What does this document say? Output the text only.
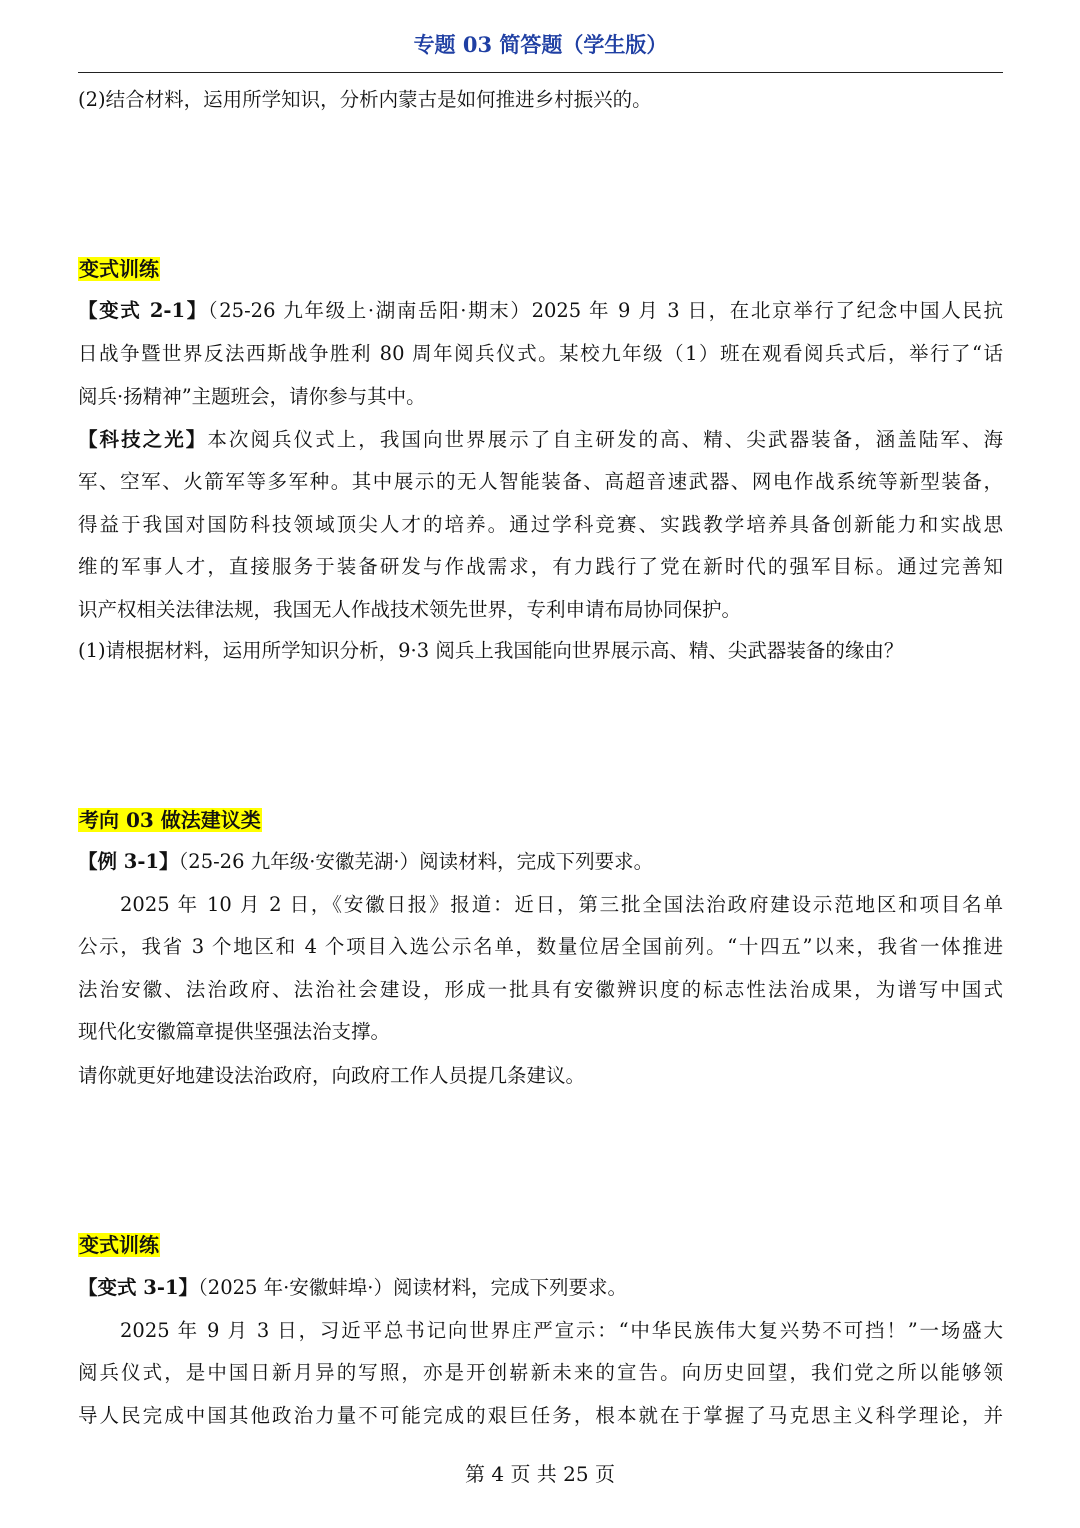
专题 03 简答题（学生版）
(2)结合材料，运用所学知识，分析内蒙古是如何推进乡村振兴的。
变式训练
【变式 2-1】（25-26 九年级上·湖南岳阳·期末）2025 年 9 月 3 日，在北京举行了纪念中国人民抗
日战争暨世界反法西斯战争胜利 80 周年阅兵仪式。某校九年级（1）班在观看阅兵式后，举行了“话
阅兵·扬精神”主题班会，请你参与其中。
【科技之光】本次阅兵仪式上，我国向世界展示了自主研发的高、精、尖武器装备，涵盖陆军、海
军、空军、火箭军等多军种。其中展示的无人智能装备、高超音速武器、网电作战系统等新型装备，
得益于我国对国防科技领域顶尖人才的培养。通过学科竞赛、实践教学培养具备创新能力和实战思
维的军事人才，直接服务于装备研发与作战需求，有力践行了党在新时代的强军目标。通过完善知
识产权相关法律法规，我国无人作战技术领先世界，专利申请布局协同保护。
(1)请根据材料，运用所学知识分析，9·3 阅兵上我国能向世界展示高、精、尖武器装备的缘由？
考向 03 做法建议类
【例 3-1】（25-26 九年级·安徽芜湖·）阅读材料，完成下列要求。
2025 年 10 月 2 日，《安徽日报》报道：近日，第三批全国法治政府建设示范地区和项目名单
公示，我省 3 个地区和 4 个项目入选公示名单，数量位居全国前列。“十四五”以来，我省一体推进
法治安徽、法治政府、法治社会建设，形成一批具有安徽辨识度的标志性法治成果，为谱写中国式
现代化安徽篇章提供坚强法治支撑。
请你就更好地建设法治政府，向政府工作人员提几条建议。
变式训练
【变式 3-1】（2025 年·安徽蚌埠·）阅读材料，完成下列要求。
2025 年 9 月 3 日，习近平总书记向世界庄严宣示：“中华民族伟大复兴势不可挡！”一场盛大
阅兵仪式，是中国日新月异的写照，亦是开创崭新未来的宣告。向历史回望，我们党之所以能够领
导人民完成中国其他政治力量不可能完成的艰巨任务，根本就在于掌握了马克思主义科学理论，并
第 4 页 共 25 页
